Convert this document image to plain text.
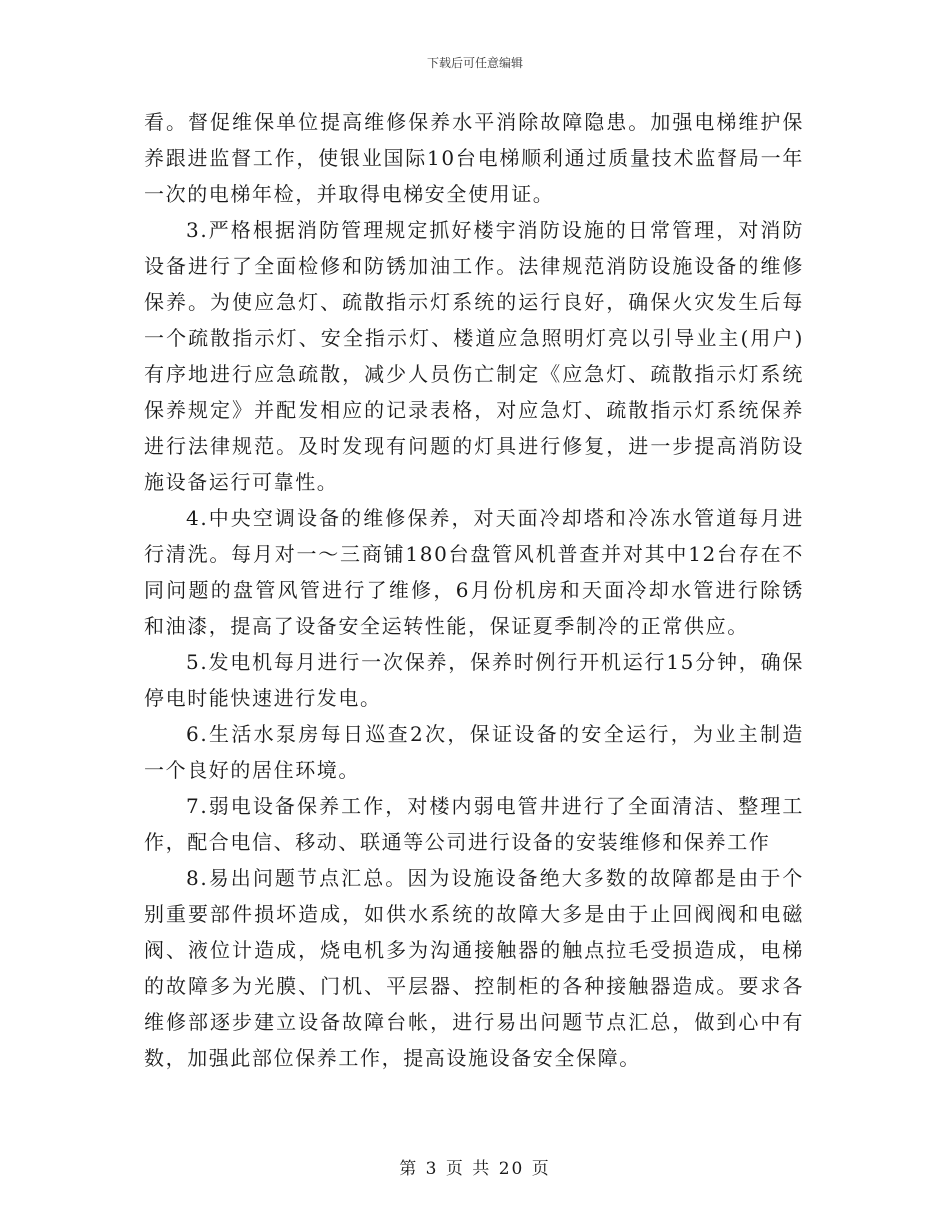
下载后可任意编辑

看。督促维保单位提高维修保养水平消除故障隐患。加强电梯维护保养跟进监督工作，使银业国际10台电梯顺利通过质量技术监督局一年一次的电梯年检，并取得电梯安全使用证。

3.严格根据消防管理规定抓好楼宇消防设施的日常管理，对消防设备进行了全面检修和防锈加油工作。法律规范消防设施设备的维修保养。为使应急灯、疏散指示灯系统的运行良好，确保火灾发生后每一个疏散指示灯、安全指示灯、楼道应急照明灯亮以引导业主(用户)有序地进行应急疏散，减少人员伤亡制定《应急灯、疏散指示灯系统保养规定》并配发相应的记录表格，对应急灯、疏散指示灯系统保养进行法律规范。及时发现有问题的灯具进行修复，进一步提高消防设施设备运行可靠性。

4.中央空调设备的维修保养，对天面冷却塔和冷冻水管道每月进行清洗。每月对一～三商铺180台盘管风机普查并对其中12台存在不同问题的盘管风管进行了维修，6月份机房和天面冷却水管进行除锈和油漆，提高了设备安全运转性能，保证夏季制冷的正常供应。

5.发电机每月进行一次保养，保养时例行开机运行15分钟，确保停电时能快速进行发电。

6.生活水泵房每日巡查2次，保证设备的安全运行，为业主制造一个良好的居住环境。

7.弱电设备保养工作，对楼内弱电管井进行了全面清洁、整理工作，配合电信、移动、联通等公司进行设备的安装维修和保养工作

8.易出问题节点汇总。因为设施设备绝大多数的故障都是由于个别重要部件损坏造成，如供水系统的故障大多是由于止回阀阀和电磁阀、液位计造成，烧电机多为沟通接触器的触点拉毛受损造成，电梯的故障多为光膜、门机、平层器、控制柜的各种接触器造成。要求各维修部逐步建立设备故障台帐，进行易出问题节点汇总，做到心中有数，加强此部位保养工作，提高设施设备安全保障。

第 3 页 共 20 页
